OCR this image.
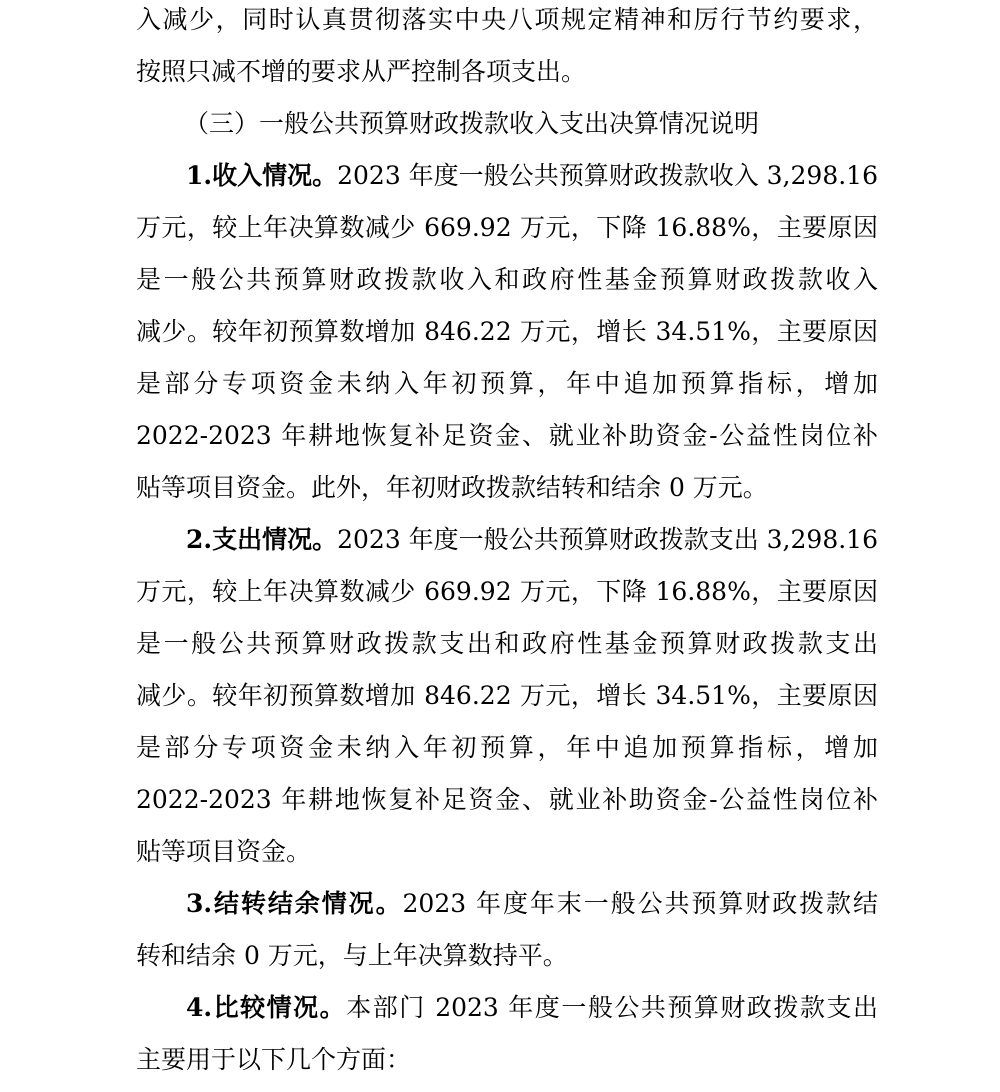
入减少，同时认真贯彻落实中央八项规定精神和厉行节约要求，
按照只减不增的要求从严控制各项支出。
（三）一般公共预算财政拨款收入支出决算情况说明
1.收入情况。2023 年度一般公共预算财政拨款收入 3,298.16
万元，较上年决算数减少 669.92 万元，下降 16.88%，主要原因
是一般公共预算财政拨款收入和政府性基金预算财政拨款收入
减少。较年初预算数增加 846.22 万元，增长 34.51%，主要原因
是部分专项资金未纳入年初预算，年中追加预算指标，增加
2022-2023 年耕地恢复补足资金、就业补助资金-公益性岗位补
贴等项目资金。此外，年初财政拨款结转和结余 0 万元。
2.支出情况。2023 年度一般公共预算财政拨款支出 3,298.16
万元，较上年决算数减少 669.92 万元，下降 16.88%，主要原因
是一般公共预算财政拨款支出和政府性基金预算财政拨款支出
减少。较年初预算数增加 846.22 万元，增长 34.51%，主要原因
是部分专项资金未纳入年初预算，年中追加预算指标，增加
2022-2023 年耕地恢复补足资金、就业补助资金-公益性岗位补
贴等项目资金。
3.结转结余情况。2023 年度年末一般公共预算财政拨款结
转和结余 0 万元，与上年决算数持平。
4.比较情况。本部门 2023 年度一般公共预算财政拨款支出
主要用于以下几个方面：
